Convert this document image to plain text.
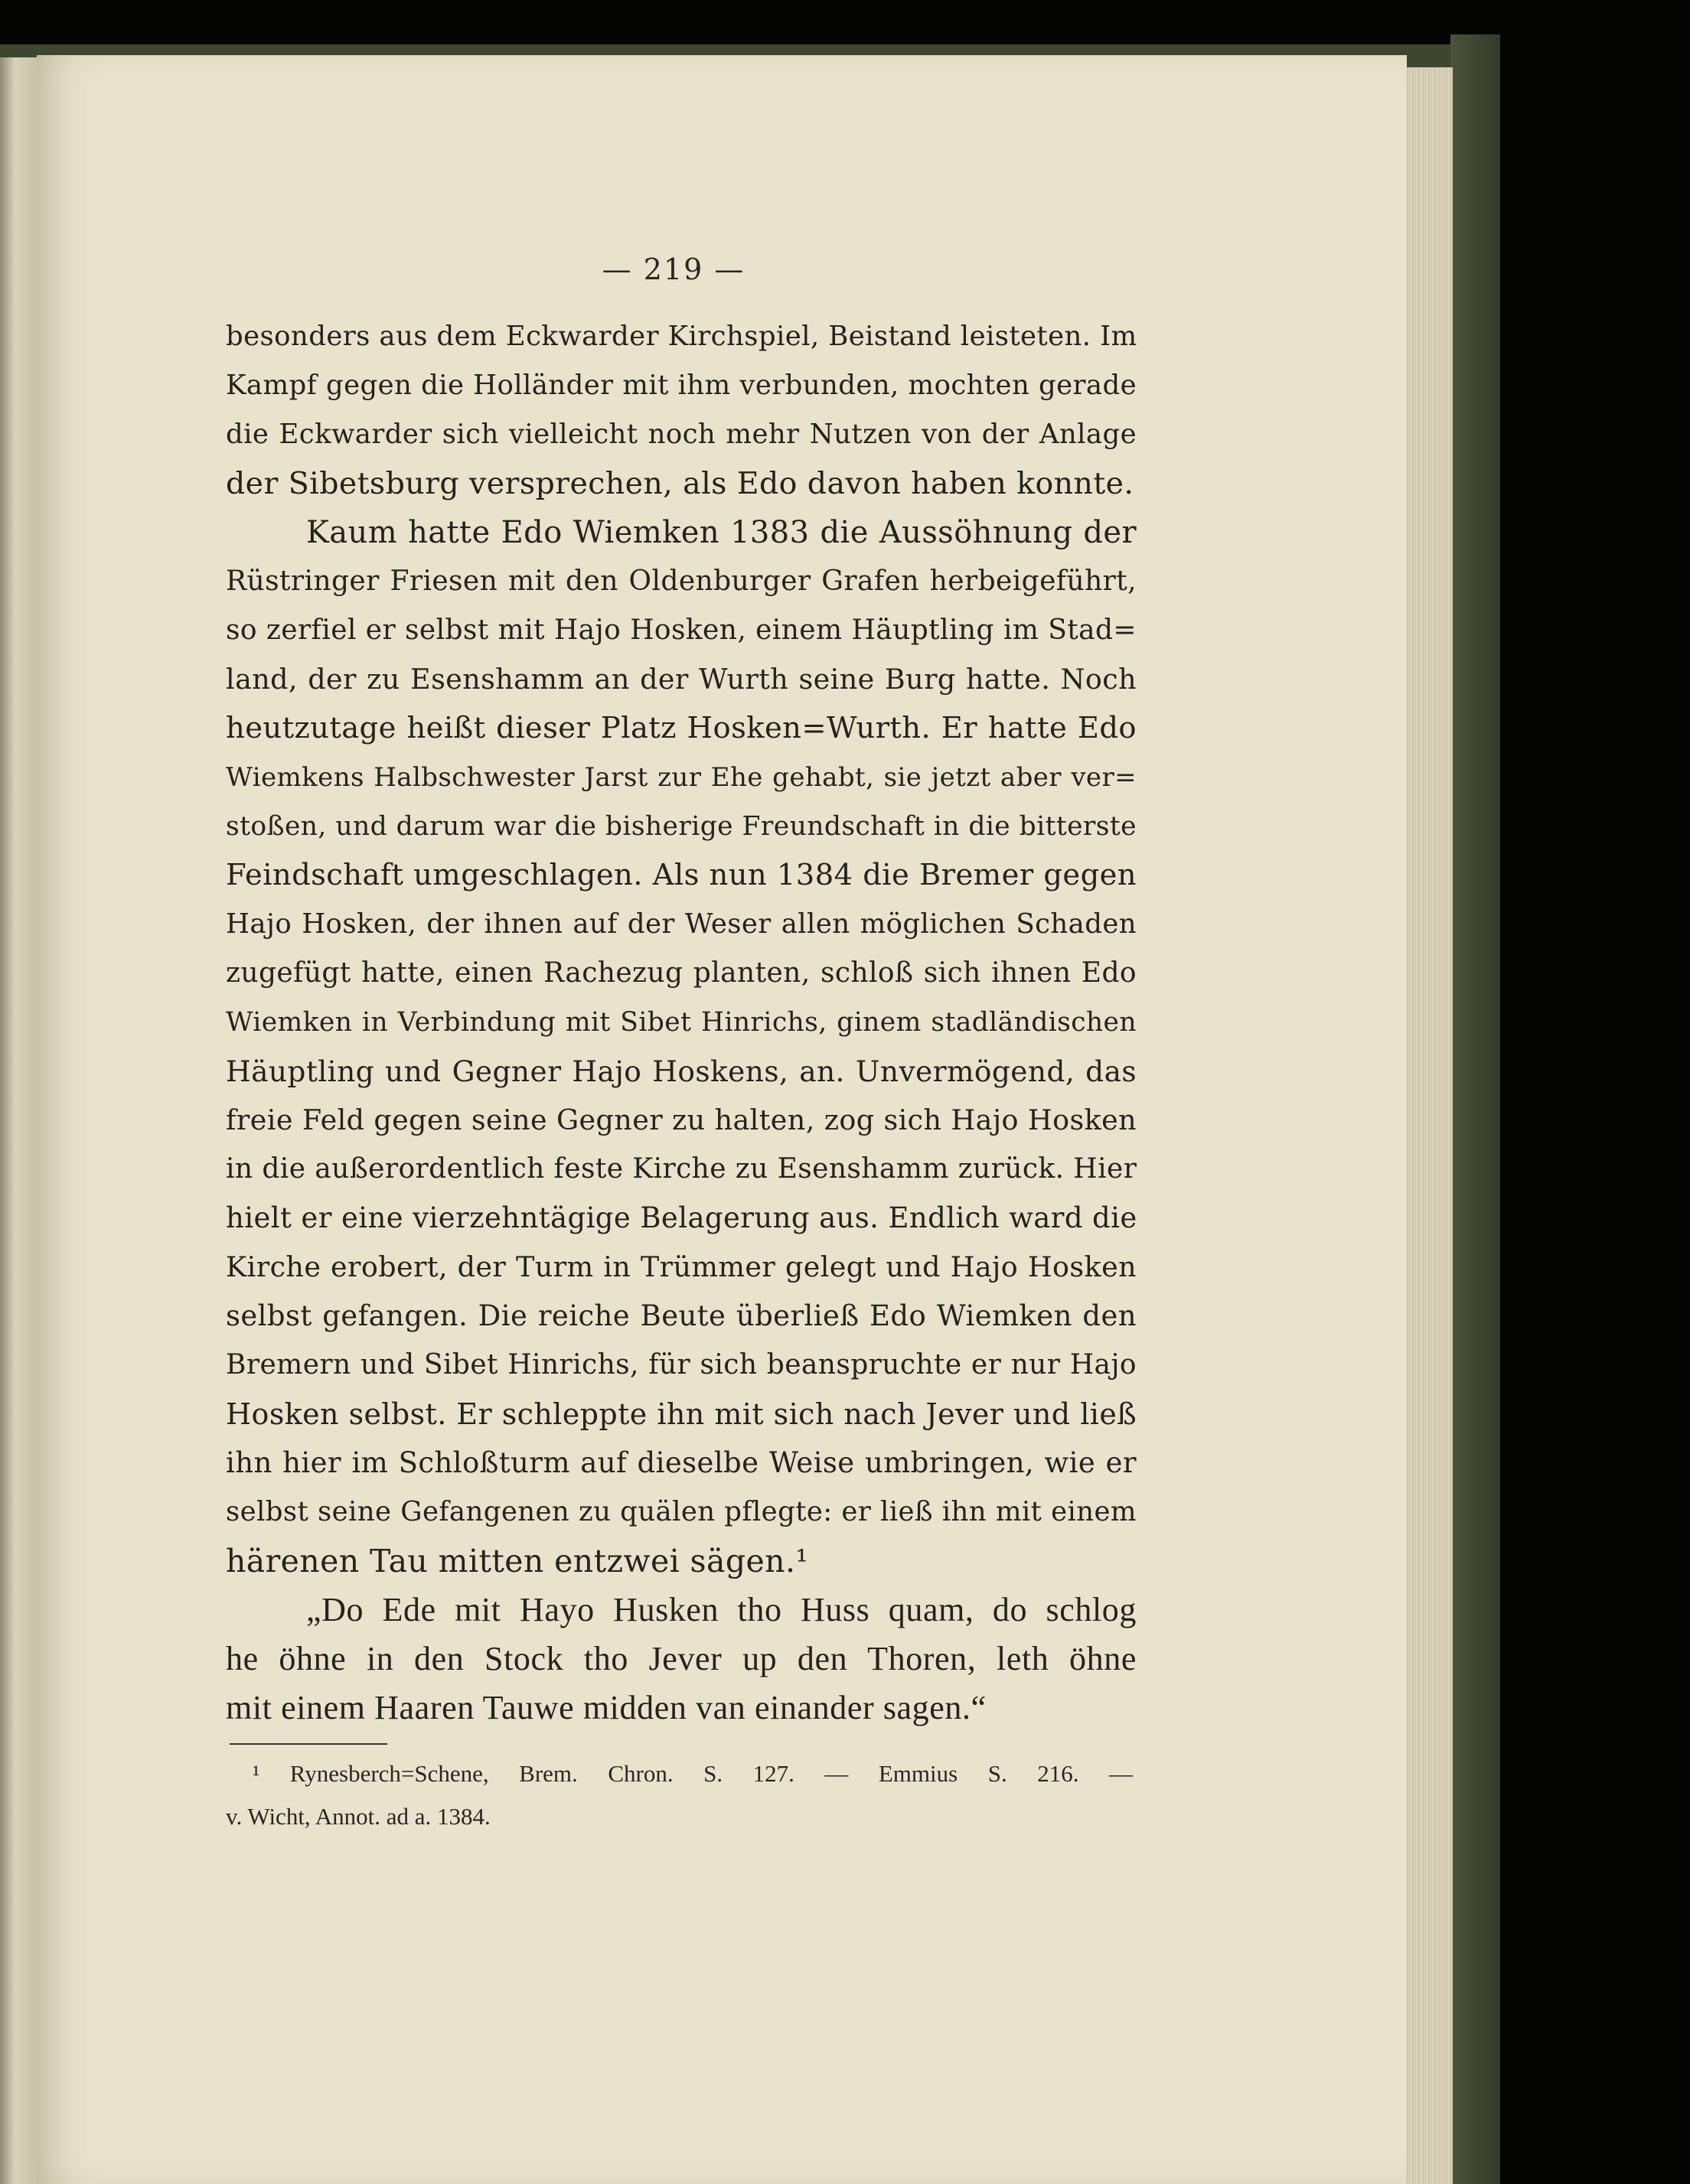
— 219 —
besonders aus dem Eckwarder Kirchspiel, Beistand leisteten. Im
Kampf gegen die Holländer mit ihm verbunden, mochten gerade
die Eckwarder sich vielleicht noch mehr Nutzen von der Anlage
der Sibetsburg versprechen, als Edo davon haben konnte.
Kaum hatte Edo Wiemken 1383 die Aussöhnung der
Rüstringer Friesen mit den Oldenburger Grafen herbeigeführt,
so zerfiel er selbst mit Hajo Hosken, einem Häuptling im Stad=
land, der zu Esenshamm an der Wurth seine Burg hatte. Noch
heutzutage heißt dieser Platz Hosken=Wurth. Er hatte Edo
Wiemkens Halbschwester Jarst zur Ehe gehabt, sie jetzt aber ver=
stoßen, und darum war die bisherige Freundschaft in die bitterste
Feindschaft umgeschlagen. Als nun 1384 die Bremer gegen
Hajo Hosken, der ihnen auf der Weser allen möglichen Schaden
zugefügt hatte, einen Rachezug planten, schloß sich ihnen Edo
Wiemken in Verbindung mit Sibet Hinrichs, ginem stadländischen
Häuptling und Gegner Hajo Hoskens, an. Unvermögend, das
freie Feld gegen seine Gegner zu halten, zog sich Hajo Hosken
in die außerordentlich feste Kirche zu Esenshamm zurück. Hier
hielt er eine vierzehntägige Belagerung aus. Endlich ward die
Kirche erobert, der Turm in Trümmer gelegt und Hajo Hosken
selbst gefangen. Die reiche Beute überließ Edo Wiemken den
Bremern und Sibet Hinrichs, für sich beanspruchte er nur Hajo
Hosken selbst. Er schleppte ihn mit sich nach Jever und ließ
ihn hier im Schloßturm auf dieselbe Weise umbringen, wie er
selbst seine Gefangenen zu quälen pflegte: er ließ ihn mit einem
härenen Tau mitten entzwei sägen.¹
„Do Ede mit Hayo Husken tho Huss quam, do schlog
he öhne in den Stock tho Jever up den Thoren, leth öhne
mit einem Haaren Tauwe midden van einander sagen.“
¹ Rynesberch=Schene, Brem. Chron. S. 127. — Emmius S. 216. —
v. Wicht, Annot. ad a. 1384.
